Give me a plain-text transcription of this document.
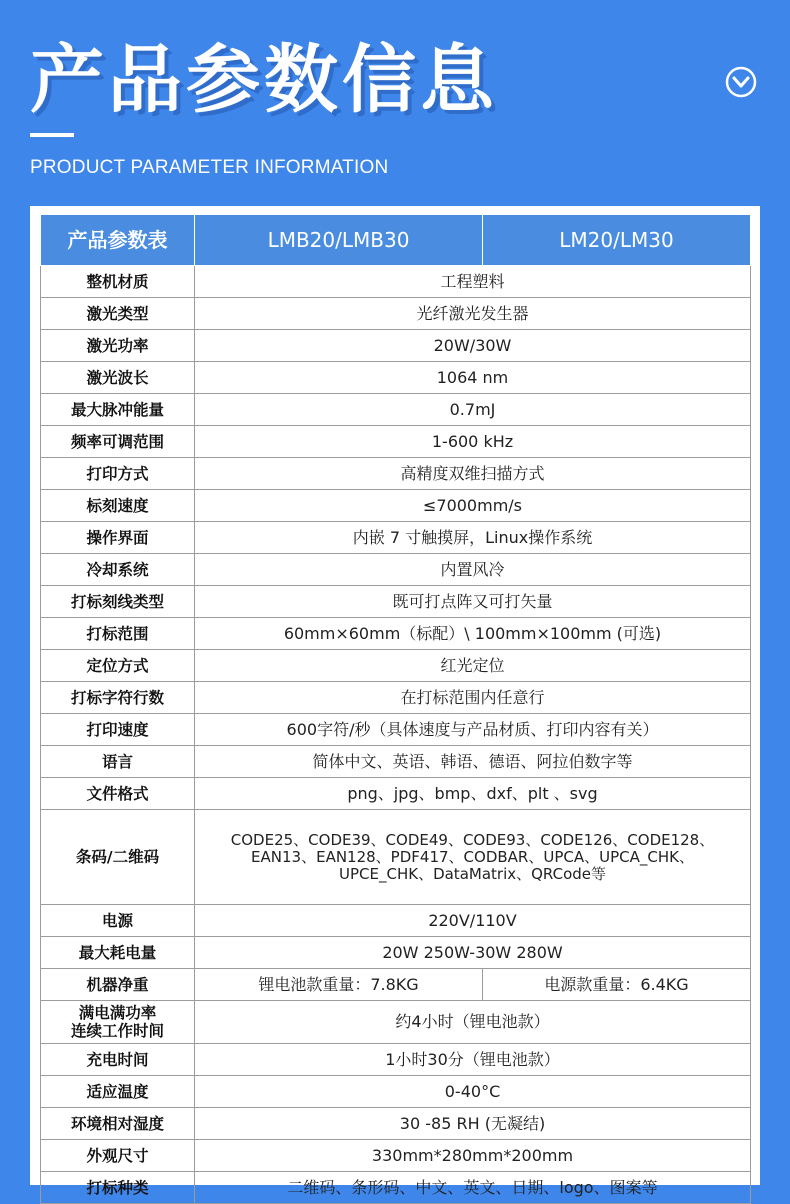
产品参数信息
PRODUCT PARAMETER INFORMATION
产品参数表	LMB20/LMB30	LM20/LM30
整机材质	工程塑料	
激光类型	光纤激光发生器	
激光功率	20W/30W	
激光波长	1064 nm	
最大脉冲能量	0.7mJ	
频率可调范围	1-600 kHz	
打印方式	高精度双维扫描方式	
标刻速度	≤7000mm/s	
操作界面	内嵌 7 寸触摸屏，Linux操作系统	
冷却系统	内置风冷	
打标刻线类型	既可打点阵又可打矢量	
打标范围	60mm×60mm（标配）\ 100mm×100mm (可选)	
定位方式	红光定位	
打标字符行数	在打标范围内任意行	
打印速度	600字符/秒（具体速度与产品材质、打印内容有关）	
语言	简体中文、英语、韩语、德语、阿拉伯数字等	
文件格式	png、jpg、bmp、dxf、plt 、svg	
条码/二维码	CODE25、CODE39、CODE49、CODE93、CODE126、CODE128、
EAN13、EAN128、PDF417、CODBAR、UPCA、UPCA_CHK、
UPCE_CHK、DataMatrix、QRCode等	
电源	220V/110V	
最大耗电量	20W 250W-30W 280W	
机器净重	锂电池款重量：7.8KG	电源款重量：6.4KG
满电满功率
连续工作时间	约4小时（锂电池款）	
充电时间	1小时30分（锂电池款）	
适应温度	0-40°C	
环境相对湿度	30 -85 RH (无凝结)	
外观尺寸	330mm*280mm*200mm	
打标种类	二维码、条形码、中文、英文、日期、logo、图案等	
